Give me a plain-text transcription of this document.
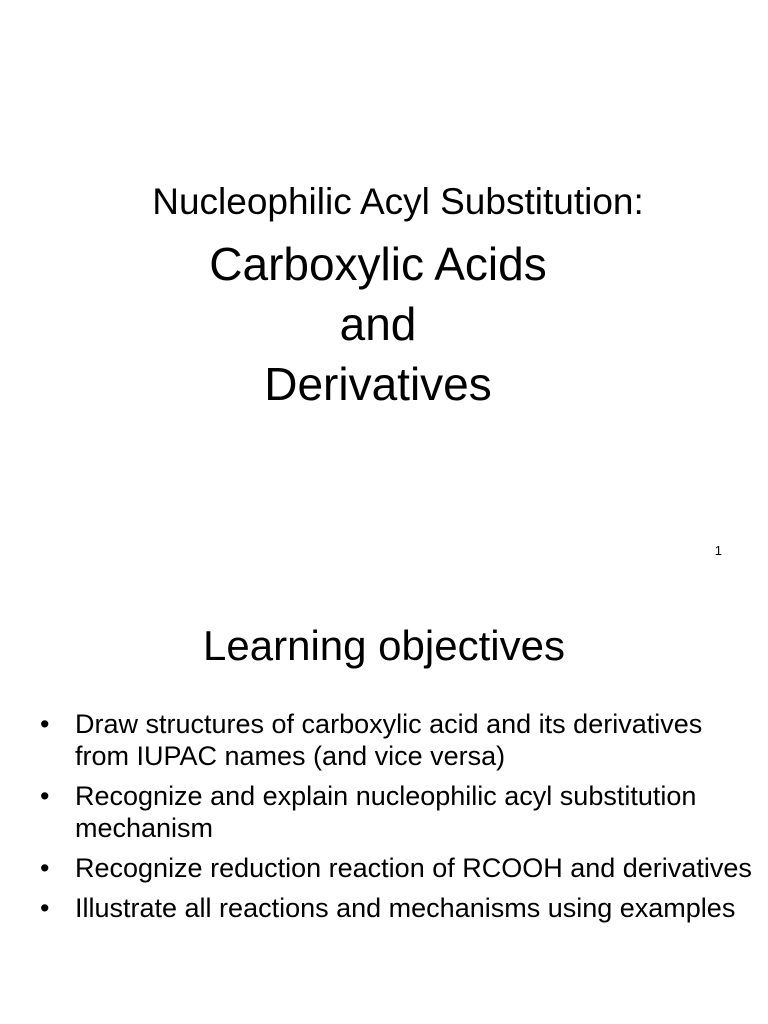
Nucleophilic Acyl Substitution:
Carboxylic Acids
and
Derivatives
1
Learning objectives
• Draw structures of carboxylic acid and its derivatives from IUPAC names (and vice versa)
• Recognize and explain nucleophilic acyl substitution mechanism
• Recognize reduction reaction of RCOOH and derivatives
• Illustrate all reactions and mechanisms using examples
